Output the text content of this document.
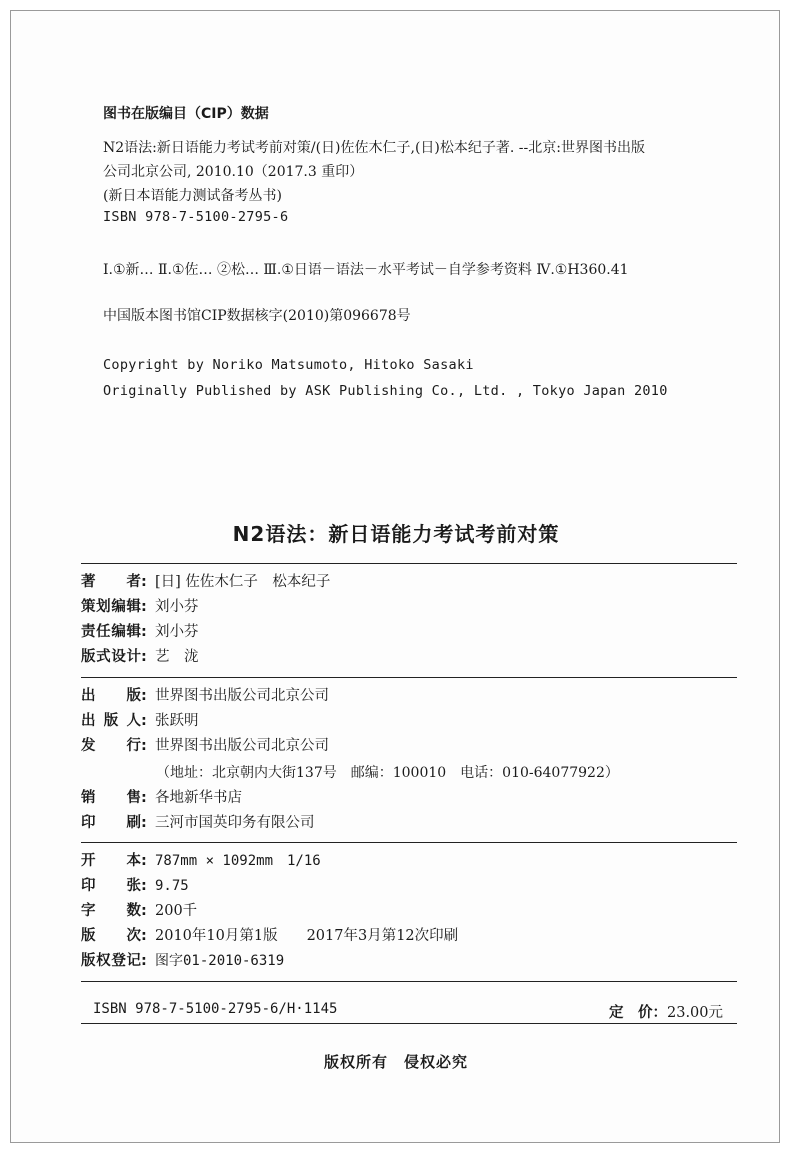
图书在版编目（CIP）数据
N2语法:新日语能力考试考前对策/(日)佐佐木仁子,(日)松本纪子著. --北京:世界图书出版
公司北京公司, 2010.10（2017.3 重印）
(新日本语能力测试备考丛书)
ISBN 978-7-5100-2795-6
Ⅰ.①新… Ⅱ.①佐… ②松… Ⅲ.①日语－语法－水平考试－自学参考资料 Ⅳ.①H360.41
中国版本图书馆CIP数据核字(2010)第096678号
Copyright by Noriko Matsumoto, Hitoko Sasaki
Originally Published by ASK Publishing Co., Ltd. , Tokyo Japan 2010
N2语法：新日语能力考试考前对策
著者 : [日] 佐佐木仁子　松本纪子
策划编辑 : 刘小芬
责任编辑 : 刘小芬
版式设计 : 艺　泷
出版 : 世界图书出版公司北京公司
出版人 : 张跃明
发行 : 世界图书出版公司北京公司
（地址：北京朝内大街137号　邮编：100010　电话：010-64077922）
销售 : 各地新华书店
印刷 : 三河市国英印务有限公司
开本 : 787mm × 1092mm　1/16
印张 : 9.75
字数 : 200千
版次 : 2010年10月第1版　　2017年3月第12次印刷
版权登记 : 图字01-2010-6319
ISBN 978-7-5100-2795-6/H·1145	定　价：23.00元
版权所有　侵权必究
